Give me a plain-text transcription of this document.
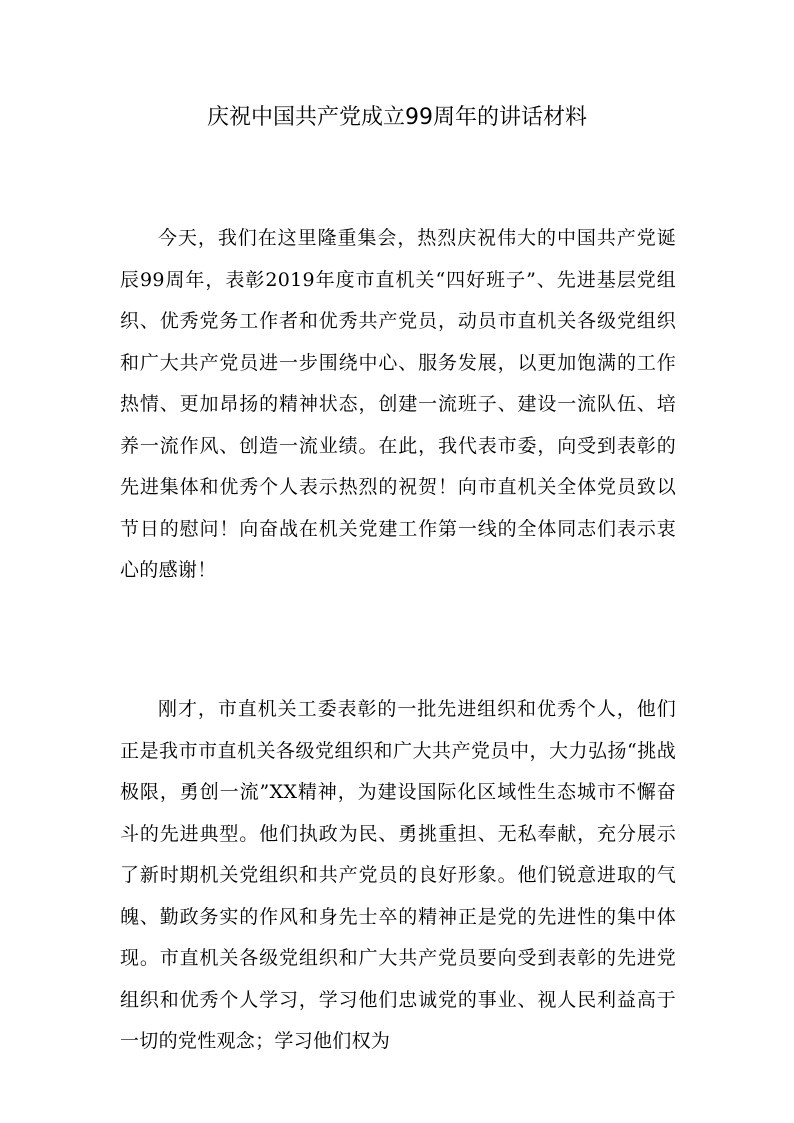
庆祝中国共产党成立99周年的讲话材料

今天，我们在这里隆重集会，热烈庆祝伟大的中国共产党诞辰99周年，表彰2019年度市直机关“四好班子”、先进基层党组织、优秀党务工作者和优秀共产党员，动员市直机关各级党组织和广大共产党员进一步围绕中心、服务发展，以更加饱满的工作热情、更加昂扬的精神状态，创建一流班子、建设一流队伍、培养一流作风、创造一流业绩。在此，我代表市委，向受到表彰的先进集体和优秀个人表示热烈的祝贺！向市直机关全体党员致以节日的慰问！向奋战在机关党建工作第一线的全体同志们表示衷心的感谢！

刚才，市直机关工委表彰的一批先进组织和优秀个人，他们正是我市市直机关各级党组织和广大共产党员中，大力弘扬“挑战极限，勇创一流”XX精神，为建设国际化区域性生态城市不懈奋斗的先进典型。他们执政为民、勇挑重担、无私奉献，充分展示了新时期机关党组织和共产党员的良好形象。他们锐意进取的气魄、勤政务实的作风和身先士卒的精神正是党的先进性的集中体现。市直机关各级党组织和广大共产党员要向受到表彰的先进党组织和优秀个人学习，学习他们忠诚党的事业、视人民利益高于一切的党性观念；学习他们权为
